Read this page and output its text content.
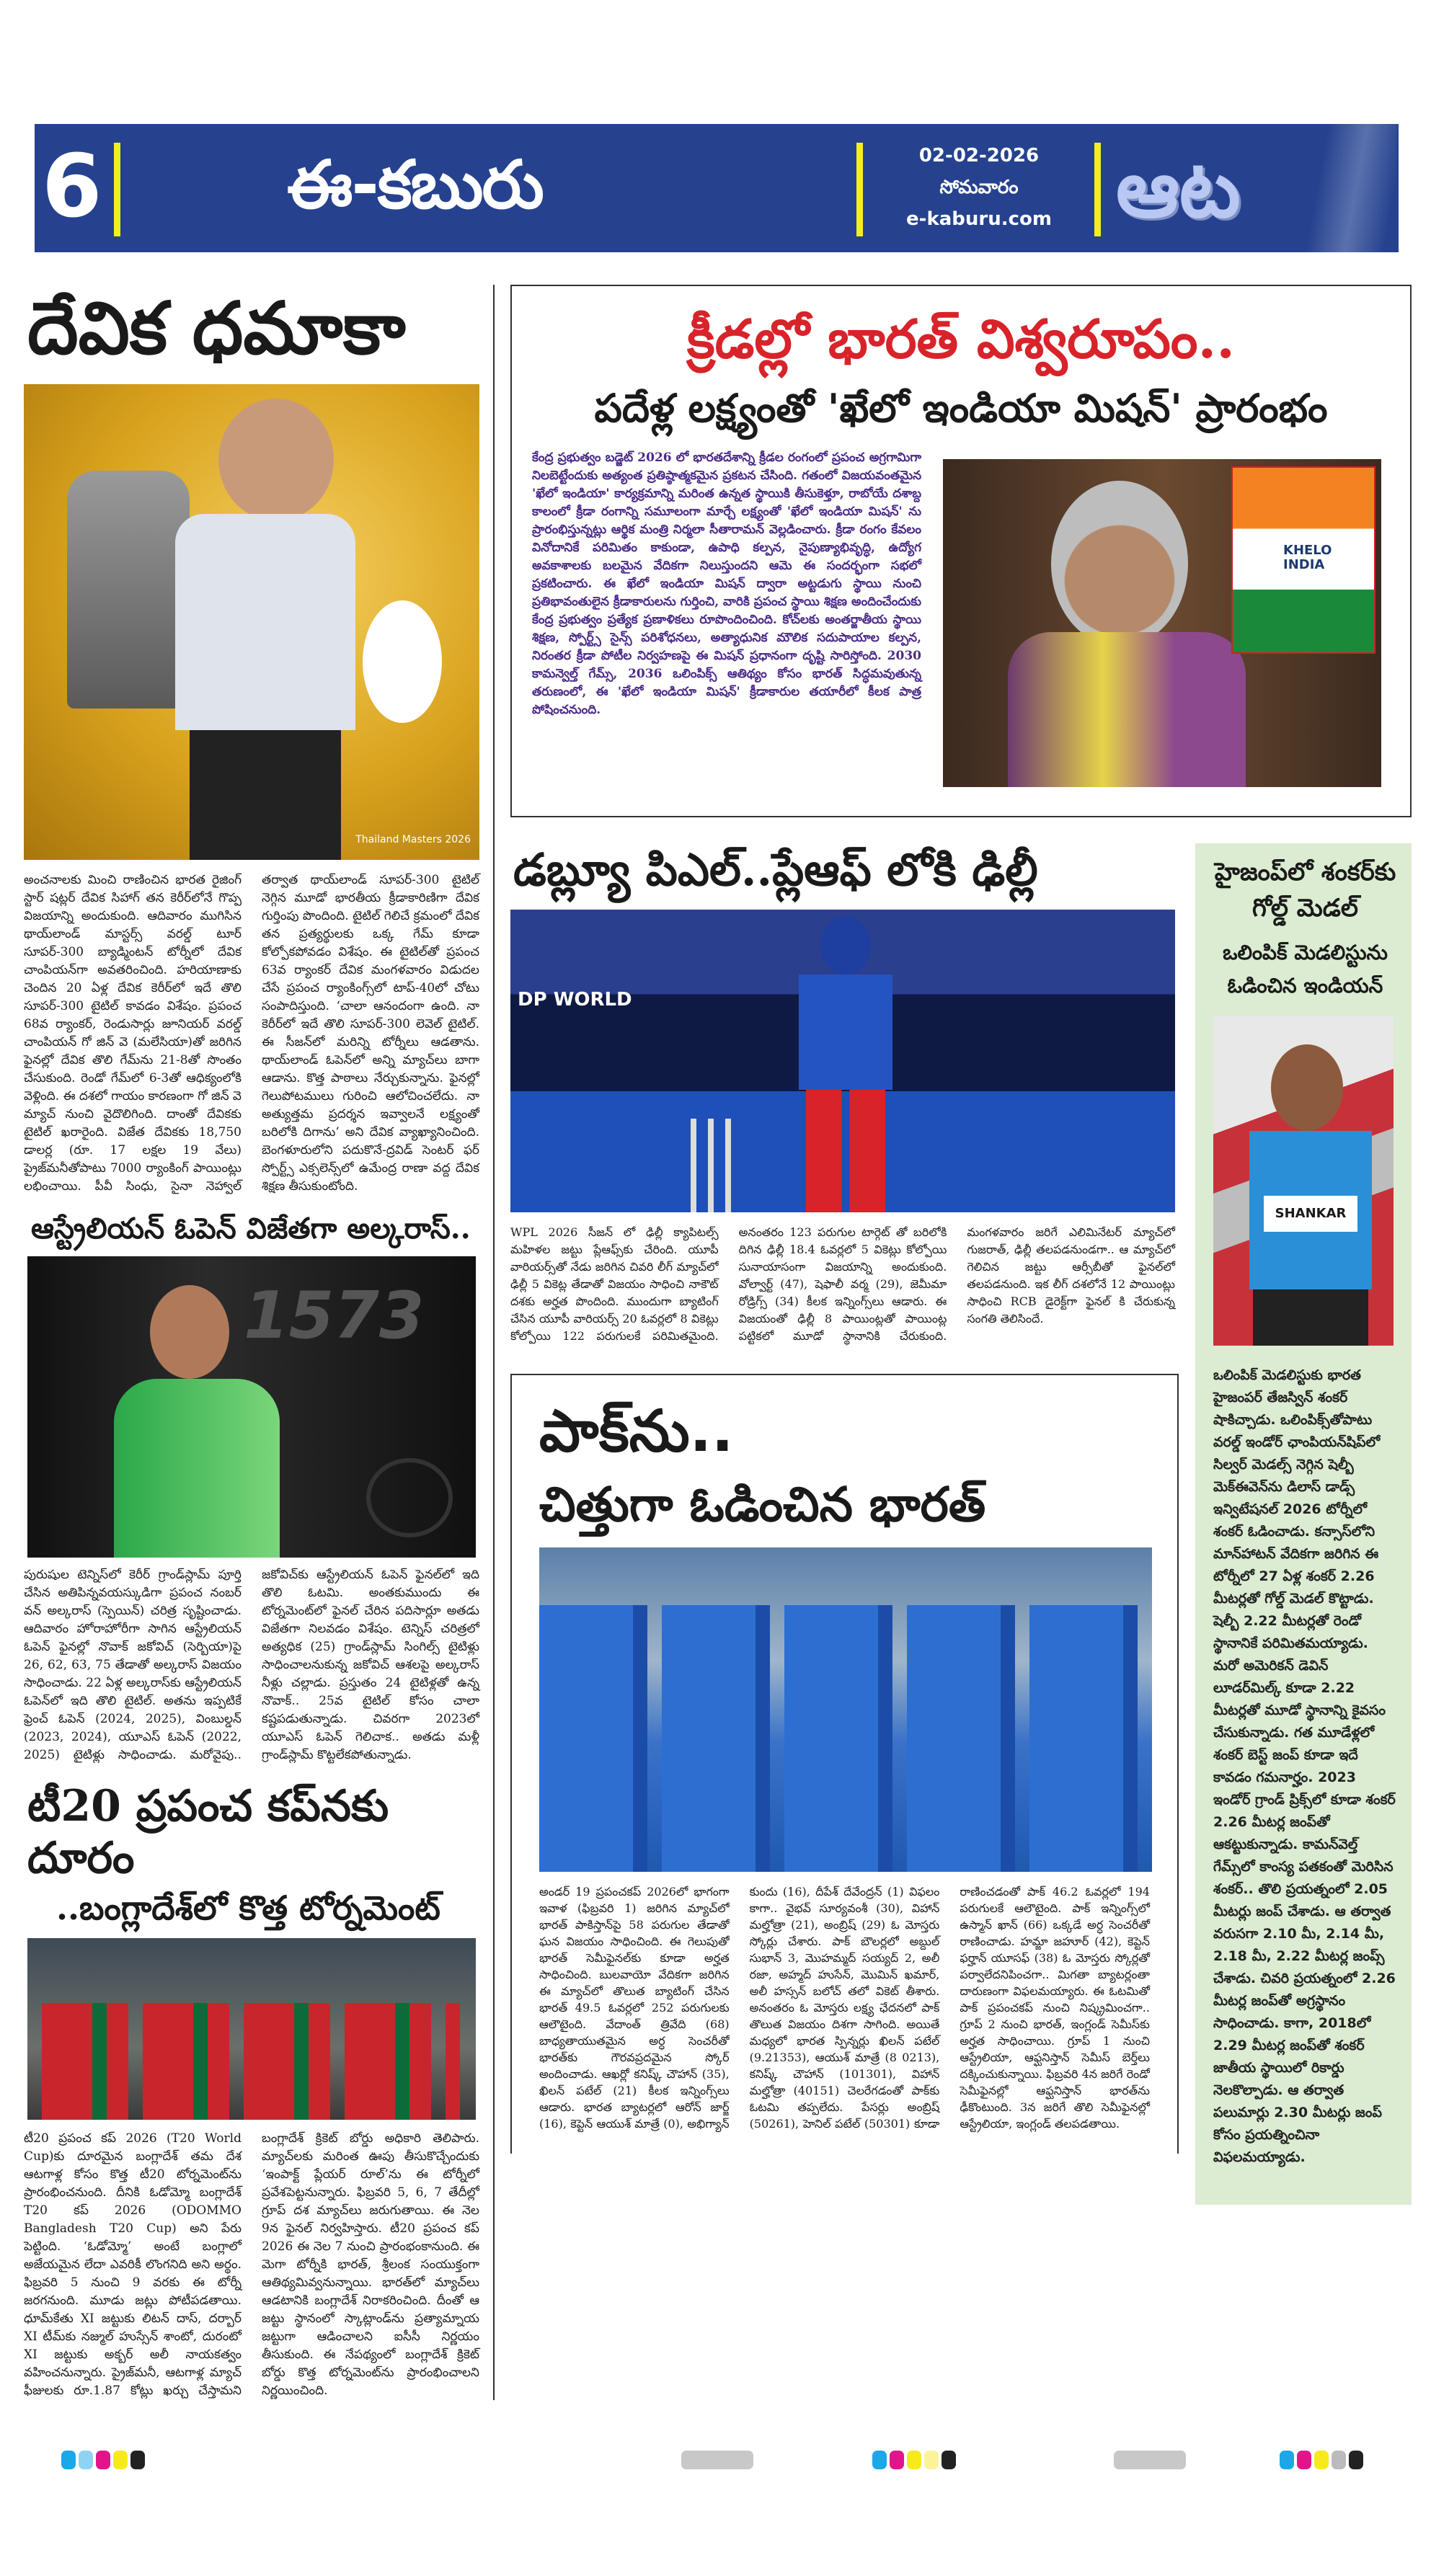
6	ఈ-కబురు	02-02-2026
సోమవారం
e-kaburu.com ఆట
దేవిక ధమాకా
Thailand Masters 2026
అంచనాలకు మించి రాణించిన భారత రైజింగ్ స్టార్ షట్లర్ దేవిక సిహాగ్ తన కెరీర్‌లోనే గొప్ప విజయాన్ని అందుకుంది. ఆదివారం ముగిసిన థాయ్‌లాండ్ మాస్టర్స్ వరల్డ్ టూర్ సూపర్-300 బ్యాడ్మింటన్ టోర్నీలో దేవిక చాంపియన్‌గా అవతరించింది. హరియాణాకు చెందిన 20 ఏళ్ల దేవిక కెరీర్‌లో ఇదే తొలి సూపర్-300 టైటిల్ కావడం విశేషం. ప్రపంచ 68వ ర్యాంకర్, రెండుసార్లు జూనియర్ వరల్డ్ చాంపియన్ గో జిన్ వె (మలేసియా)తో జరిగిన ఫైనల్లో దేవిక తొలి గేమ్‌ను 21-8తో సొంతం చేసుకుంది. రెండో గేమ్‌లో 6-3తో ఆధిక్యంలోకి వెళ్లింది. ఈ దశలో గాయం కారణంగా గో జిన్ వె మ్యాచ్ నుంచి వైదొలిగింది. దాంతో దేవికకు టైటిల్ ఖరారైంది. విజేత దేవికకు 18,750 డాలర్ల (రూ. 17 లక్షల 19 వేలు) ప్రైజ్‌మనీతోపాటు 7000 ర్యాంకింగ్ పాయింట్లు లభించాయి. పీవీ సింధు, సైనా నెహ్వాల్ తర్వాత థాయ్‌లాండ్ సూపర్-300 టైటిల్ నెగ్గిన మూడో భారతీయ క్రీడాకారిణిగా దేవిక గుర్తింపు పొందింది. టైటిల్ గెలిచే క్రమంలో దేవిక తన ప్రత్యర్థులకు ఒక్క గేమ్ కూడా కోల్పోకపోవడం విశేషం. ఈ టైటిల్‌తో ప్రపంచ 63వ ర్యాంకర్ దేవిక మంగళవారం విడుదల చేసే ప్రపంచ ర్యాంకింగ్స్‌లో టాప్-40లో చోటు సంపాదిస్తుంది. ‘చాలా ఆనందంగా ఉంది. నా కెరీర్‌లో ఇదే తొలి సూపర్-300 లెవెల్ టైటిల్. ఈ సీజన్‌లో మరిన్ని టోర్నీలు ఆడతాను. థాయ్‌లాండ్ ఓపెన్‌లో అన్ని మ్యాచ్‌లు బాగా ఆడాను. కొత్త పాఠాలు నేర్చుకున్నాను. ఫైనల్లో గెలుపోటములు గురించి ఆలోచించలేదు. నా అత్యుత్తమ ప్రదర్శన ఇవ్వాలనే లక్ష్యంతో బరిలోకి దిగాను’ అని దేవిక వ్యాఖ్యానించింది. బెంగళూరులోని పదుకొనే-ద్రవిడ్ సెంటర్ ఫర్ స్పోర్ట్స్ ఎక్సలెన్స్‌లో ఉమేంద్ర రాణా వద్ద దేవిక శిక్షణ తీసుకుంటోంది.
ఆస్ట్రేలియన్ ఓపెన్ విజేతగా అల్కరాస్..
1573
పురుషుల టెన్నిస్‌లో కెరీర్ గ్రాండ్‌స్లామ్ పూర్తి చేసిన అతిపిన్నవయస్కుడిగా ప్రపంచ నంబర్ వన్ అల్కరాస్ (స్పెయిన్) చరిత్ర సృష్టించాడు. ఆదివారం హోరాహోరీగా సాగిన ఆస్ట్రేలియన్ ఓపెన్ ఫైనల్లో నొవాక్ జకోవిచ్ (సెర్బియా)పై 26, 62, 63, 75 తేడాతో అల్కరాస్ విజయం సాధించాడు. 22 ఏళ్ల అల్కరాస్‌కు ఆస్ట్రేలియన్ ఓపెన్‌లో ఇది తొలి టైటిల్. అతను ఇప్పటికే ఫ్రెంచ్ ఓపెన్ (2024, 2025), వింబుల్డన్ (2023, 2024), యూఎస్ ఓపెన్ (2022, 2025) టైటిళ్లు సాధించాడు. మరోవైపు.. జకోవిచ్‌కు ఆస్ట్రేలియన్ ఓపెన్ ఫైనల్‌లో ఇది తొలి ఓటమి. అంతకుముందు ఈ టోర్నమెంట్‌లో ఫైనల్ చేరిన పదిసార్లూ అతడు విజేతగా నిలవడం విశేషం. టెన్నిస్ చరిత్రలో అత్యధిక (25) గ్రాండ్‌స్లామ్ సింగిల్స్ టైటిళ్లు సాధించాలనుకున్న జకోవిచ్ ఆశలపై అల్కరాస్ నీళ్లు చల్లాడు. ప్రస్తుతం 24 టైటిళ్లతో ఉన్న నొవాక్.. 25వ టైటిల్ కోసం చాలా కష్టపడుతున్నాడు. చివరగా 2023లో యూఎస్ ఓపెన్ గెలిచాక.. అతడు మళ్లీ గ్రాండ్‌స్లామ్ కొట్టలేకపోతున్నాడు.
టీ20 ప్రపంచ కప్‌నకు దూరం
..బంగ్లాదేశ్‌లో కొత్త టోర్నమెంట్
టీ20 ప్రపంచ కప్ 2026 (T20 World Cup)కు దూరమైన బంగ్లాదేశ్ తమ దేశ ఆటగాళ్ల కోసం కొత్త టీ20 టోర్నమెంట్‌ను ప్రారంభించనుంది. దీనికి ఓడోమ్మో బంగ్లాదేశ్ T20 కప్ 2026 (ODOMMO Bangladesh T20 Cup) అని పేరు పెట్టింది. ‘ఓడోమ్మో’ అంటే బంగ్లాలో అజేయమైన లేదా ఎవరికీ లొంగనిది అని అర్థం. ఫిబ్రవరి 5 నుంచి 9 వరకు ఈ టోర్నీ జరగనుంది. మూడు జట్లు పోటీపడతాయి. ధూమ్‌కేతు XI జట్టుకు లిటన్ దాస్, దర్బార్ XI టీమ్‌కు నజ్ముల్ హుస్సేన్ శాంటో, దురంటో XI జట్టుకు అక్బర్ అలీ నాయకత్వం వహించనున్నారు. ప్రైజ్‌మనీ, ఆటగాళ్ల మ్యాచ్ ఫీజులకు రూ.1.87 కోట్లు ఖర్చు చేస్తామని బంగ్లాదేశ్ క్రికెట్ బోర్డు అధికారి తెలిపారు. మ్యాచ్‌లకు మరింత ఊపు తీసుకొచ్చేందుకు ‘ఇంపాక్ట్ ప్లేయర్ రూల్’ను ఈ టోర్నీలో ప్రవేశపెట్టనున్నారు. ఫిబ్రవరి 5, 6, 7 తేదీల్లో గ్రూప్ దశ మ్యాచ్‌లు జరుగుతాయి. ఈ నెల 9న ఫైనల్ నిర్వహిస్తారు. టీ20 ప్రపంచ కప్ 2026 ఈ నెల 7 నుంచి ప్రారంభంకానుంది. ఈ మెగా టోర్నీకి భారత్, శ్రీలంక సంయుక్తంగా ఆతిథ్యమివ్వనున్నాయి. భారత్‌లో మ్యాచ్‌లు ఆడటానికి బంగ్లాదేశ్ నిరాకరించింది. దీంతో ఆ జట్టు స్థానంలో స్కాట్లాండ్‌ను ప్రత్యామ్నాయ జట్టుగా ఆడించాలని ఐసీసీ నిర్ణయం తీసుకుంది. ఈ నేపథ్యంలో బంగ్లాదేశ్ క్రికెట్ బోర్డు కొత్త టోర్నమెంట్‌ను ప్రారంభించాలని నిర్ణయించింది.
క్రీడల్లో భారత్ విశ్వరూపం..
పదేళ్ల లక్ష్యంతో 'ఖేలో ఇండియా మిషన్' ప్రారంభం
కేంద్ర ప్రభుత్వం బడ్జెట్ 2026 లో భారతదేశాన్ని క్రీడల రంగంలో ప్రపంచ అగ్రగామిగా నిలబెట్టేందుకు అత్యంత ప్రతిష్ఠాత్మకమైన ప్రకటన చేసింది. గతంలో విజయవంతమైన 'ఖేలో ఇండియా' కార్యక్రమాన్ని మరింత ఉన్నత స్థాయికి తీసుకెళ్తూ, రాబోయే దశాబ్ద కాలంలో క్రీడా రంగాన్ని సమూలంగా మార్చే లక్ష్యంతో 'ఖేలో ఇండియా మిషన్' ను ప్రారంభిస్తున్నట్లు ఆర్థిక మంత్రి నిర్మలా సీతారామన్ వెల్లడించారు. క్రీడా రంగం కేవలం వినోదానికే పరిమితం కాకుండా, ఉపాధి కల్పన, నైపుణ్యాభివృద్ధి, ఉద్యోగ అవకాశాలకు బలమైన వేదికగా నిలుస్తుందని ఆమె ఈ సందర్భంగా సభలో ప్రకటించారు. ఈ ఖేలో ఇండియా మిషన్ ద్వారా అట్టడుగు స్థాయి నుంచి ప్రతిభావంతులైన క్రీడాకారులను గుర్తించి, వారికి ప్రపంచ స్థాయి శిక్షణ అందించేందుకు కేంద్ర ప్రభుత్వం ప్రత్యేక ప్రణాళికలు రూపొందించింది. కోచ్‌లకు అంతర్జాతీయ స్థాయి శిక్షణ, స్పోర్ట్స్ సైన్స్ పరిశోధనలు, అత్యాధునిక మౌలిక సదుపాయాల కల్పన, నిరంతర క్రీడా పోటీల నిర్వహణపై ఈ మిషన్ ప్రధానంగా దృష్టి సారిస్తోంది. 2030 కామన్వెల్త్ గేమ్స్, 2036 ఒలింపిక్స్ ఆతిథ్యం కోసం భారత్ సిద్ధమవుతున్న తరుణంలో, ఈ 'ఖేలో ఇండియా మిషన్' క్రీడాకారుల తయారీలో కీలక పాత్ర పోషించనుంది.
KHELO INDIA
డబ్ల్యూ పిఎల్..ప్లేఆఫ్ లోకి ఢిల్లీ
DP WORLD
WPL 2026 సీజన్ లో ఢిల్లీ క్యాపిటల్స్ మహిళల జట్టు ప్లేఆఫ్స్‌కు చేరింది. యూపీ వారియర్స్‌తో నేడు జరిగిన చివరి లీగ్ మ్యాచ్‌లో ఢిల్లీ 5 వికెట్ల తేడాతో విజయం సాధించి నాకౌట్ దశకు అర్హత పొందింది. ముందుగా బ్యాటింగ్ చేసిన యూపీ వారియర్స్ 20 ఓవర్లలో 8 వికెట్లు కోల్పోయి 122 పరుగులకే పరిమితమైంది. అనంతరం 123 పరుగుల టార్గెట్ తో బరిలోకి దిగిన ఢిల్లీ 18.4 ఓవర్లలో 5 వికెట్లు కోల్పోయి సునాయాసంగా విజయాన్ని అందుకుంది. వోల్వార్ట్ (47), షెఫాలీ వర్మ (29), జెమీమా రోడ్రిగ్స్ (34) కీలక ఇన్నింగ్స్‌లు ఆడారు. ఈ విజయంతో ఢిల్లీ 8 పాయింట్లతో పాయింట్ల పట్టికలో మూడో స్థానానికి చేరుకుంది. మంగళవారం జరిగే ఎలిమినేటర్ మ్యాచ్‌లో గుజరాత్, ఢిల్లీ తలపడనుండగా.. ఆ మ్యాచ్‌లో గెలిచిన జట్టు ఆర్సీబీతో ఫైనల్‌లో తలపడనుంది. ఇక లీగ్ దశలోనే 12 పాయింట్లు సాధించి RCB డైరెక్ట్‌గా ఫైనల్ కి చేరుకున్న సంగతి తెలిసిందే.
పాక్‌ను..
చిత్తుగా ఓడించిన భారత్
అండర్ 19 ప్రపంచకప్ 2026లో భాగంగా ఇవాళ (ఫిబ్రవరి 1) జరిగిన మ్యాచ్‌లో భారత్ పాకిస్తాన్‌పై 58 పరుగుల తేడాతో ఘన విజయం సాధించింది. ఈ గెలుపుతో భారత్ సెమీఫైనల్‌కు కూడా అర్హత సాధించింది. బులవాయో వేదికగా జరిగిన ఈ మ్యాచ్‌లో తొలుత బ్యాటింగ్ చేసిన భారత్ 49.5 ఓవర్లలో 252 పరుగులకు ఆలౌటైంది. వేదాంత్ త్రివేది (68) బాధ్యతాయుతమైన అర్ధ సెంచరీతో భారత్‌కు గౌరవప్రదమైన స్కోర్ అందించాడు. ఆఖర్లో కనిష్క్ చౌహాన్ (35), ఖిలన్ పటేల్ (21) కీలక ఇన్నింగ్స్‌లు ఆడారు. భారత బ్యాటర్లలో ఆరోన్ జార్జ్ (16), కెప్టెన్ ఆయుశ్ మాత్రే (0), అభిగ్యాన్ కుందు (16), దీపేశ్ దేవేంద్రన్ (1) విఫలం కాగా.. వైభవ్ సూర్యవంశీ (30), విహాన్ మల్హోత్రా (21), అంబ్రిష్ (29) ఓ మోస్తరు స్కోర్లు చేశారు. పాక్ బౌలర్లలో అబ్దుల్ సుభాన్ 3, మొహమ్మద్ సయ్యద్ 2, అలీ రజా, అహ్మద్ హుసేన్, మొమిన్ ఖమార్, అలీ హస్సన్ బలోచ్ తలో వికెట్ తీశారు. అనంతరం ఓ మోస్తరు లక్ష్య ఛేదనలో పాక్ తొలుత విజయం దిశగా సాగింది. అయితే మధ్యలో భారత స్పిన్నర్లు ఖిలన్ పటేల్ (9.21353), ఆయుశ్ మాత్రే (8 0213), కనిష్క్ చౌహాన్ (101301), విహాన్ మల్హోత్రా (40151) చెలరేగడంతో పాక్‌కు ఓటమి తప్పలేదు. పేసర్లు అంబ్రిష్ (50261), హెనిల్ పటేల్ (50301) కూడా రాణించడంతో పాక్ 46.2 ఓవర్లలో 194 పరుగులకే ఆలౌటైంది. పాక్ ఇన్నింగ్స్‌లో ఉస్మాన్ ఖాన్ (66) ఒక్కడే అర్ధ సెంచరీతో రాణించాడు. హమ్జా జహూర్ (42), కెప్టెన్ ఫర్హాన్ యూసఫ్ (38) ఓ మోస్తరు స్కోర్లతో పర్వాలేదనిపించగా.. మిగతా బ్యాటర్లంతా దారుణంగా విఫలమయ్యారు. ఈ ఓటమితో పాక్ ప్రపంచకప్ నుంచి నిష్క్రమించగా.. గ్రూప్ 2 నుంచి భారత్, ఇంగ్లండ్ సెమీస్‌కు అర్హత సాధించాయి. గ్రూప్ 1 నుంచి ఆస్ట్రేలియా, ఆఫ్ఘనిస్తాన్ సెమీస్ బెర్త్‌లు దక్కించుకున్నాయి. ఫిబ్రవరి 4న జరిగే రెండో సెమీఫైనల్లో ఆఫ్ఘనిస్తాన్ భారత్‌ను ఢీకొంటుంది. 3న జరిగే తొలి సెమీఫైనల్లో ఆస్ట్రేలియా, ఇంగ్లండ్ తలపడతాయి.
హైజంప్‌లో శంకర్‌కు గోల్డ్ మెడల్
ఒలింపిక్ మెడలిస్టును ఓడించిన ఇండియన్
SHANKAR
ఒలింపిక్ మెడలిస్టుకు భారత హైజంపర్ తేజస్విన్ శంకర్ షాకిచ్చాడు. ఒలింపిక్స్‌తోపాటు వరల్డ్ ఇండోర్ ఛాంపియన్‌షిప్‌లో సిల్వర్ మెడల్స్ నెగ్గిన షెల్బీ మెక్‌ఈవెన్‌ను డిలాస్ డాడ్స్ ఇన్విటేషనల్ 2026 టోర్నీలో శంకర్ ఓడించాడు. కన్సాస్‌లోని మాన్‌హాటన్ వేదికగా జరిగిన ఈ టోర్నీలో 27 ఏళ్ల శంకర్ 2.26 మీటర్లతో గోల్డ్ మెడల్ కొట్టాడు. షెల్బీ 2.22 మీటర్లతో రెండో స్థానానికే పరిమితమయ్యాడు. మరో అమెరికన్ డెవిన్ లూడర్‌మిల్క్ కూడా 2.22 మీటర్లతో మూడో స్థానాన్ని కైవసం చేసుకున్నాడు. గత మూడేళ్లలో శంకర్ బెస్ట్ జంప్ కూడా ఇదే కావడం గమనార్హం. 2023 ఇండోర్ గ్రాండ్ ప్రిక్స్‌లో కూడా శంకర్ 2.26 మీటర్ల జంప్‌తో ఆకట్టుకున్నాడు. కామన్‌వెల్త్ గేమ్స్‌లో కాంస్య పతకంతో మెరిసిన శంకర్.. తొలి ప్రయత్నంలో 2.05 మీటర్లు జంప్ చేశాడు. ఆ తర్వాత వరుసగా 2.10 మీ, 2.14 మీ, 2.18 మీ, 2.22 మీటర్ల జంప్స్ చేశాడు. చివరి ప్రయత్నంలో 2.26 మీటర్ల జంప్‌తో అగ్రస్థానం సాధించాడు. కాగా, 2018లో 2.29 మీటర్ల జంప్‌తో శంకర్ జాతీయ స్థాయిలో రికార్డు నెలకొల్పాడు. ఆ తర్వాత పలుమార్లు 2.30 మీటర్లు జంప్ కోసం ప్రయత్నించినా విఫలమయ్యాడు.
